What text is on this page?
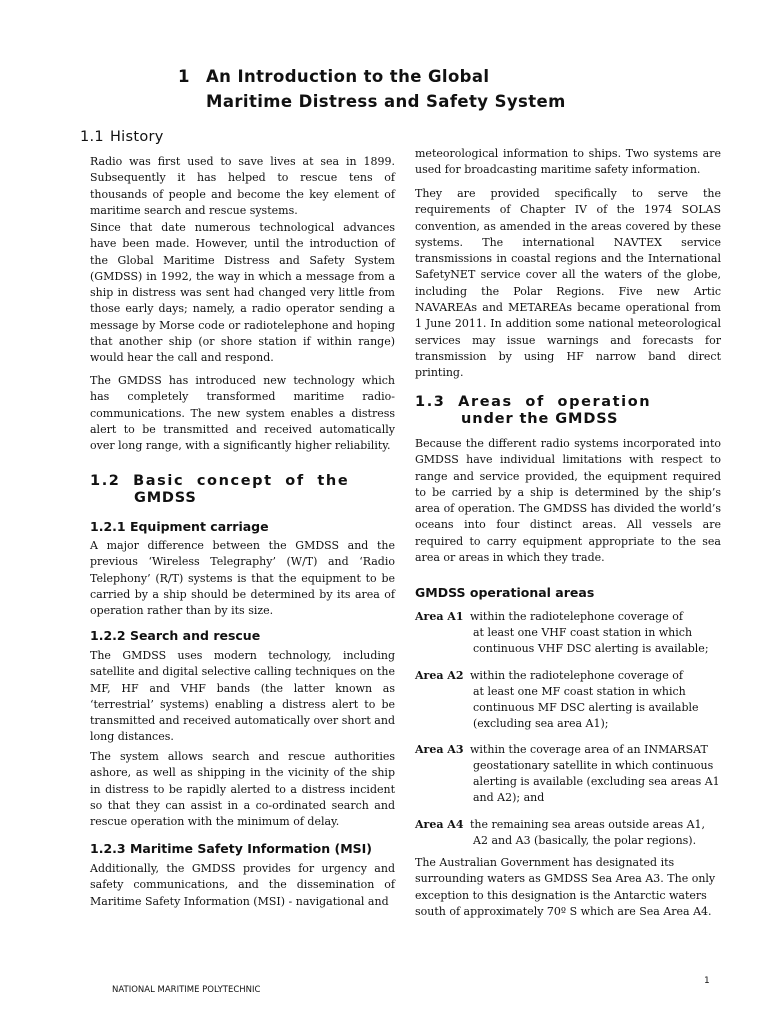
1 An Introduction to the Global
Maritime Distress and Safety System
1.1 History
Radio was first used to save lives at sea in 1899. Subsequently it has helped to rescue tens of thousands of people and become the key element of maritime search and rescue systems.
Since that date numerous technological advances have been made. However, until the introduction of the Global Maritime Distress and Safety System (GMDSS) in 1992, the way in which a message from a ship in distress was sent had changed very little from those early days; namely, a radio operator sending a message by Morse code or radiotelephone and hoping that another ship (or shore station if within range) would hear the call and respond.
The GMDSS has introduced new technology which has completely transformed maritime radio-communications. The new system enables a distress alert to be transmitted and received automatically over long range, with a significantly higher reliability.
1.2 Basic concept of the
GMDSS
1.2.1 Equipment carriage
A major difference between the GMDSS and the previous ‘Wireless Telegraphy’ (W/T) and ‘Radio Telephony’ (R/T) systems is that the equipment to be carried by a ship should be determined by its area of operation rather than by its size.
1.2.2 Search and rescue
The GMDSS uses modern technology, including satellite and digital selective calling techniques on the MF, HF and VHF bands (the latter known as ‘terrestrial’ systems) enabling a distress alert to be transmitted and received automatically over short and long distances.
The system allows search and rescue authorities ashore, as well as shipping in the vicinity of the ship in distress to be rapidly alerted to a distress incident so that they can assist in a co-ordinated search and rescue operation with the minimum of delay.
1.2.3 Maritime Safety Information (MSI)
Additionally, the GMDSS provides for urgency and safety communications, and the dissemination of Maritime Safety Information (MSI) - navigational and
meteorological information to ships. Two systems are used for broadcasting maritime safety information.
They are provided specifically to serve the requirements of Chapter IV of the 1974 SOLAS convention, as amended in the areas covered by these systems. The international NAVTEX service transmissions in coastal regions and the International SafetyNET service cover all the waters of the globe, including the Polar Regions. Five new Artic NAVAREAs and METAREAs became operational from 1 June 2011. In addition some national meteorological services may issue warnings and forecasts for transmission by using HF narrow band direct printing.
1.3 Areas of operation
under the GMDSS
Because the different radio systems incorporated into GMDSS have individual limitations with respect to range and service provided, the equipment required to be carried by a ship is determined by the ship’s area of operation. The GMDSS has divided the world’s oceans into four distinct areas. All vessels are required to carry equipment appropriate to the sea area or areas in which they trade.
GMDSS operational areas
Area A1 within the radiotelephone coverage of
at least one VHF coast station in which continuous VHF DSC alerting is available;
Area A2 within the radiotelephone coverage of
at least one MF coast station in which continuous MF DSC alerting is available (excluding sea area A1);
Area A3 within the coverage area of an INMARSAT
geostationary satellite in which continuous alerting is available (excluding sea areas A1 and A2); and
Area A4 the remaining sea areas outside areas A1,
A2 and A3 (basically, the polar regions).
The Australian Government has designated its surrounding waters as GMDSS Sea Area A3. The only exception to this designation is the Antarctic waters south of approximately 70º S which are Sea Area A4.
NATIONAL MARITIME POLYTECHNIC
1
